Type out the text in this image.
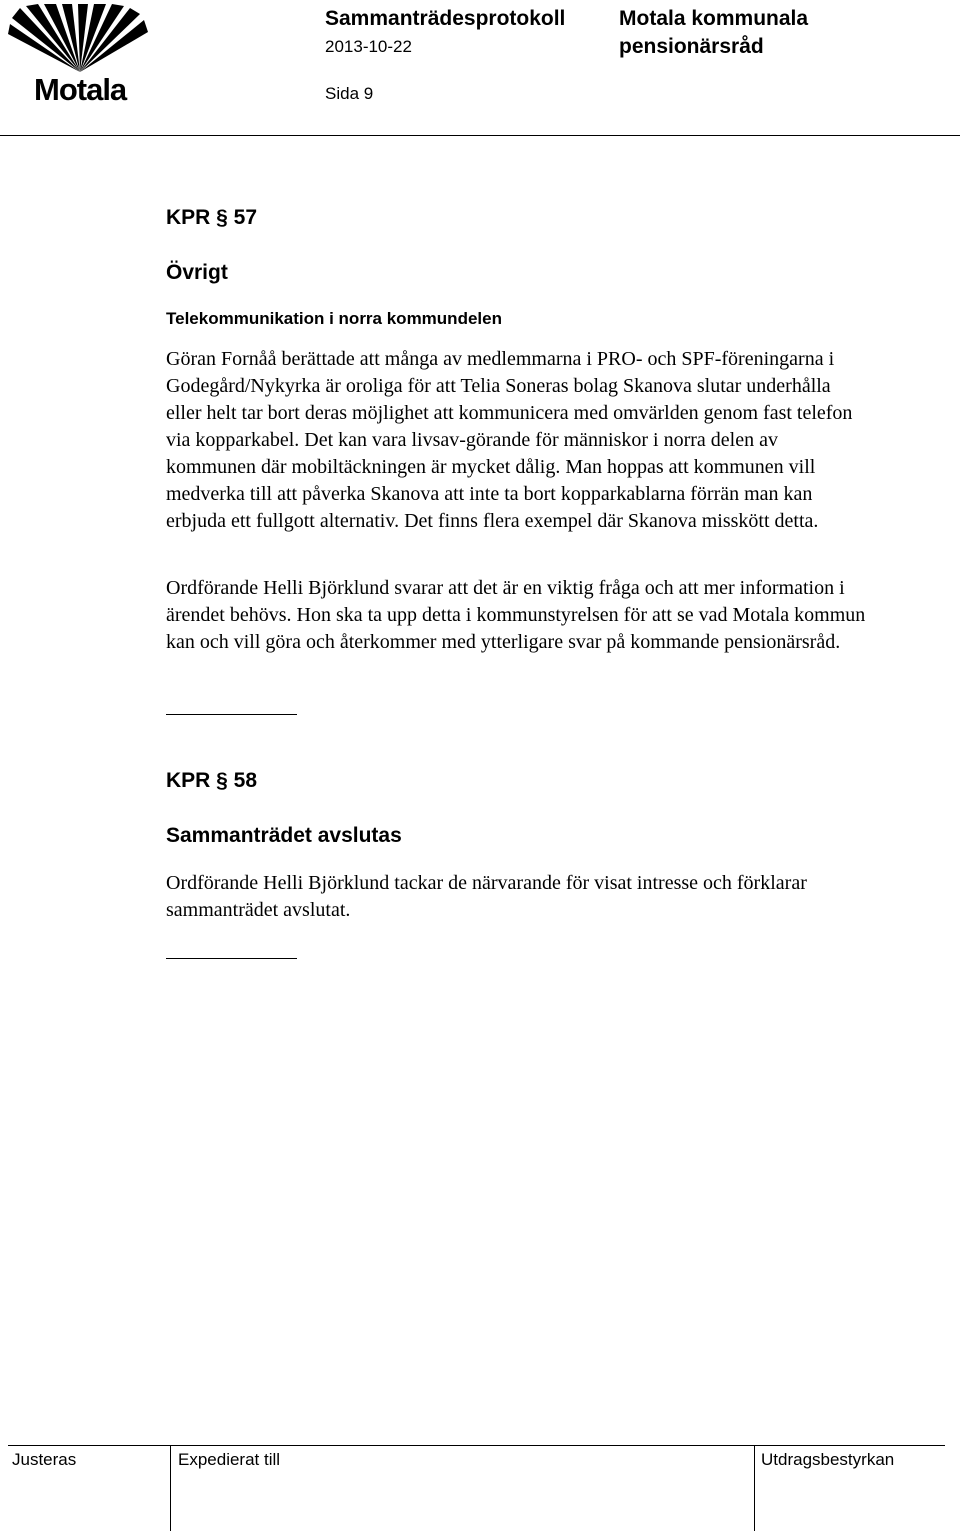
Motala
Sammanträdesprotokoll
2013-10-22
Sida 9
Motala kommunala
pensionärsråd
KPR § 57
Övrigt
Telekommunikation i norra kommundelen
Göran Fornåå berättade att många av medlemmarna i PRO- och SPF-föreningarna i Godegård/Nykyrka är oroliga för att Telia Soneras bolag Skanova slutar underhålla eller helt tar bort deras möjlighet att kommunicera med omvärlden genom fast telefon via kopparkabel. Det kan vara livsav-görande för människor i norra delen av kommunen där mobiltäckningen är mycket dålig. Man hoppas att kommunen vill medverka till att påverka Skanova att inte ta bort kopparkablarna förrän man kan erbjuda ett fullgott alternativ. Det finns flera exempel där Skanova misskött detta.
Ordförande Helli Björklund svarar att det är en viktig fråga och att mer information i ärendet behövs. Hon ska ta upp detta i kommunstyrelsen för att se vad Motala kommun kan och vill göra och återkommer med ytterligare svar på kommande pensionärsråd.
KPR § 58
Sammanträdet avslutas
Ordförande Helli Björklund tackar de närvarande för visat intresse och förklarar sammanträdet avslutat.
Justeras	Expedierat till	Utdragsbestyrkan
